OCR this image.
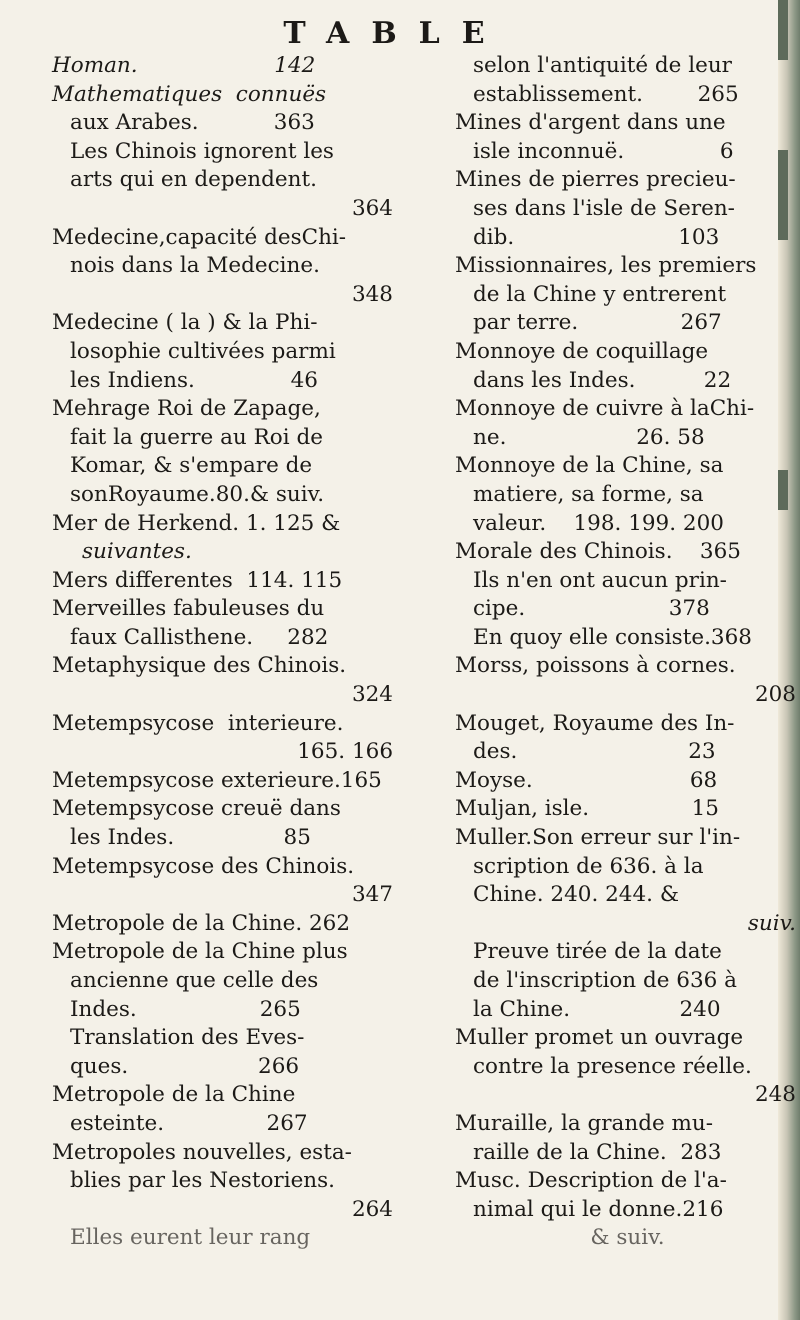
TABLE
Homan.                    142
Mathematiques  connuës
aux Arabes.           363
Les Chinois ignorent les
arts qui en dependent.
364
Medecine,capacité desChi-
nois dans la Medecine.
348
Medecine ( la ) & la Phi-
losophie cultivées parmi
les Indiens.              46
Mehrage Roi de Zapage,
fait la guerre au Roi de
Komar, & s'empare de
sonRoyaume.80.& suiv.
Mer de Herkend. 1. 125 &
suivantes.
Mers differentes  114. 115
Merveilles fabuleuses du
faux Callisthene.     282
Metaphysique des Chinois.
324
Metempsycose  interieure.
165. 166
Metempsycose exterieure.165
Metempsycose creuë dans
les Indes.                85
Metempsycose des Chinois.
347
Metropole de la Chine. 262
Metropole de la Chine plus
ancienne que celle des
Indes.                  265
Translation des Eves-
ques.                   266
Metropole de la Chine
esteinte.               267
Metropoles nouvelles, esta-
blies par les Nestoriens.
264
Elles eurent leur rang
selon l'antiquité de leur
establissement.        265
Mines d'argent dans une
isle inconnuë.              6
Mines de pierres precieu-
ses dans l'isle de Seren-
dib.                        103
Missionnaires, les premiers
de la Chine y entrerent
par terre.               267
Monnoye de coquillage
dans les Indes.          22
Monnoye de cuivre à laChi-
ne.                   26. 58
Monnoye de la Chine, sa
matiere, sa forme, sa
valeur.    198. 199. 200
Morale des Chinois.    365
Ils n'en ont aucun prin-
cipe.                     378
En quoy elle consiste.368
Morss, poissons à cornes.
208
Mouget, Royaume des In-
des.                         23
Moyse.                       68
Muljan, isle.               15
Muller.Son erreur sur l'in-
scription de 636. à la
Chine. 240. 244. &
suiv.
Preuve tirée de la date
de l'inscription de 636 à
la Chine.                240
Muller promet un ouvrage
contre la presence réelle.
248
Muraille, la grande mu-
raille de la Chine.  283
Musc. Description de l'a-
nimal qui le donne.216
& suiv.
